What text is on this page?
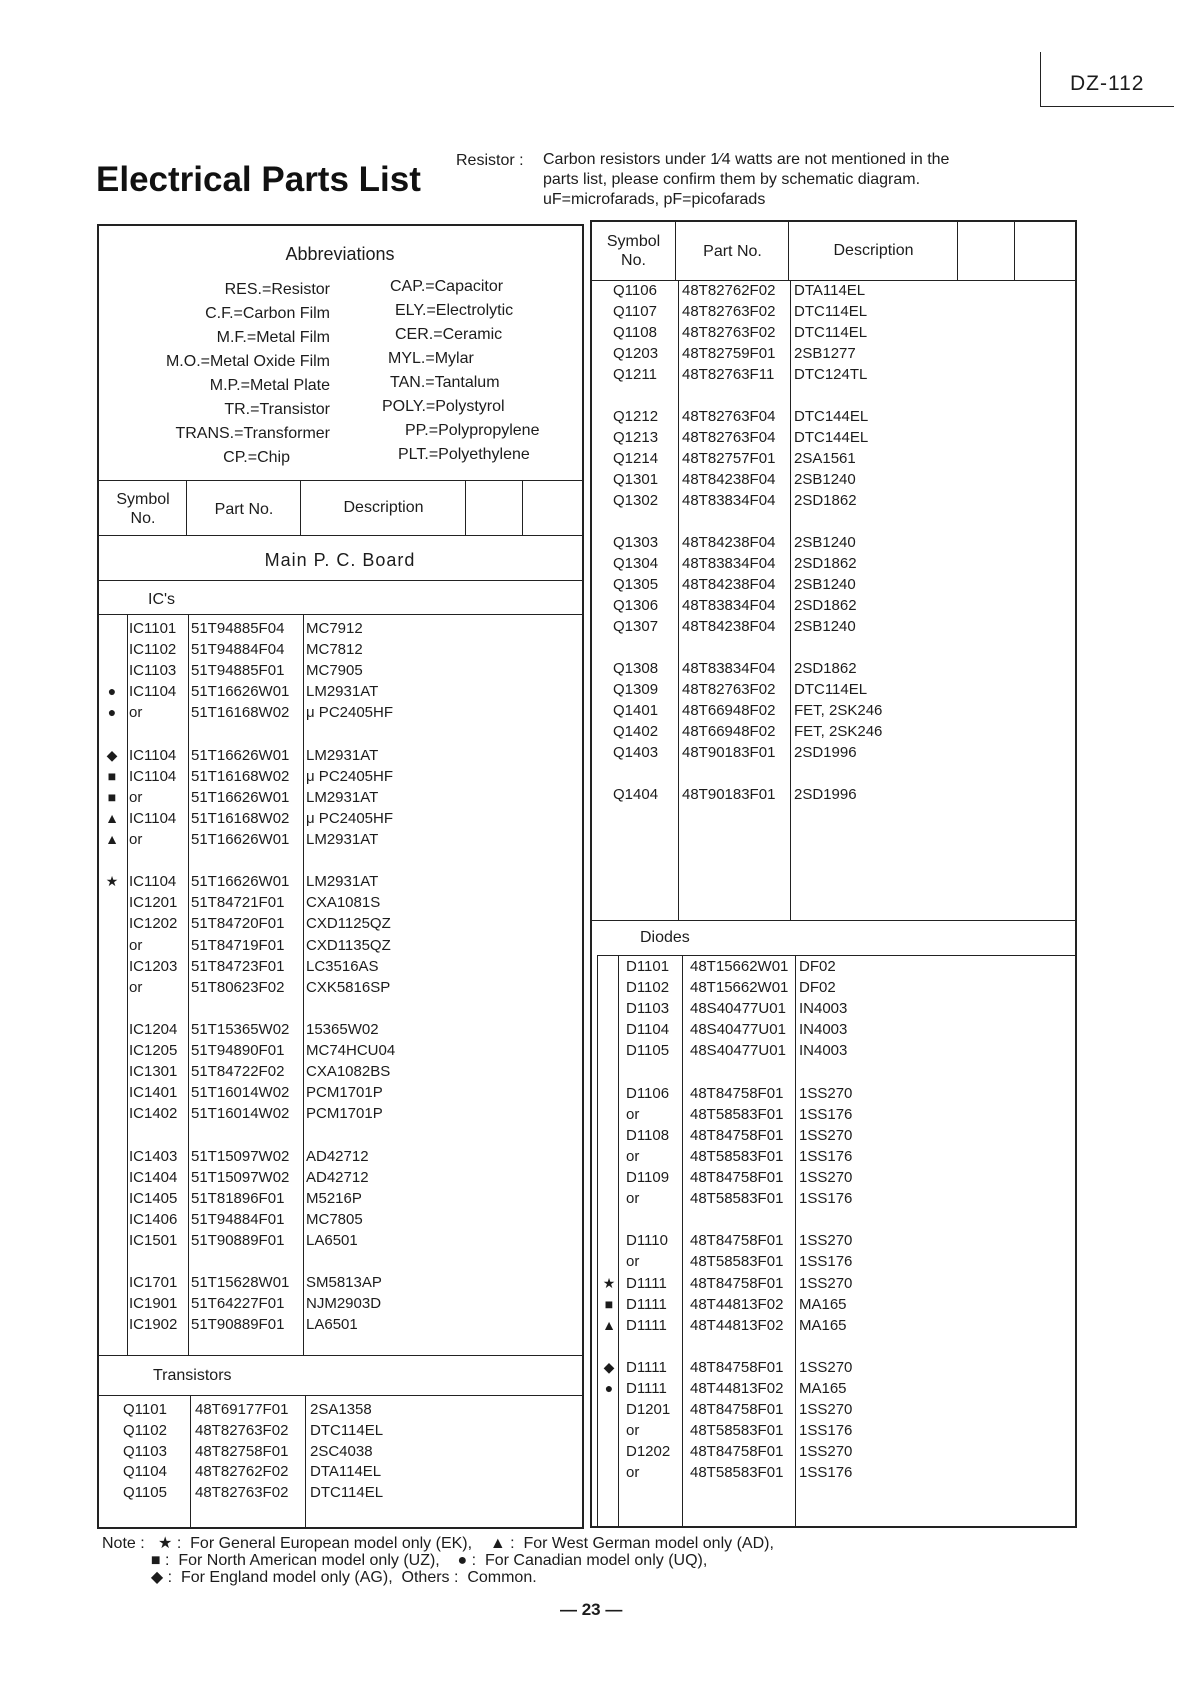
DZ-112
Electrical Parts List Resistor : Carbon resistors under 1⁄4 watts are not mentioned in the
parts list, please confirm them by schematic diagram.
uF=microfarads, pF=picofarads
Abbreviations
RES.=Resistor
C.F.=Carbon Film
M.F.=Metal Film
M.O.=Metal Oxide Film
M.P.=Metal Plate
TR.=Transistor
TRANS.=Transformer
CP.=Chip
CAP.=Capacitor
ELY.=Electrolytic
CER.=Ceramic
MYL.=Mylar
TAN.=Tantalum
POLY.=Polystyrol
PP.=Polypropylene
PLT.=Polyethylene
Symbol
No.
Part No.	Description
Main P. C. Board
IC's
Transistors
IC1101 51T94885F04 MC7912
IC1102 51T94884F04 MC7812
IC1103 51T94885F01 MC7905
● IC1104 51T16626W01 LM2931AT
● or	51T16168W02 μ PC2405HF
◆ IC1104 51T16626W01 LM2931AT
■ IC1104 51T16168W02 μ PC2405HF
■ or	51T16626W01 LM2931AT
▲ IC1104 51T16168W02 μ PC2405HF
▲ or	51T16626W01 LM2931AT
★ IC1104 51T16626W01 LM2931AT
IC1201 51T84721F01 CXA1081S
IC1202 51T84720F01 CXD1125QZ
or	51T84719F01 CXD1135QZ
IC1203 51T84723F01 LC3516AS
or	51T80623F02 CXK5816SP
IC1204 51T15365W02 15365W02
IC1205 51T94890F01 MC74HCU04
IC1301 51T84722F02 CXA1082BS
IC1401 51T16014W02 PCM1701P
IC1402 51T16014W02 PCM1701P
IC1403 51T15097W02 AD42712
IC1404 51T15097W02 AD42712
IC1405 51T81896F01 M5216P
IC1406 51T94884F01 MC7805
IC1501 51T90889F01 LA6501
IC1701 51T15628W01 SM5813AP
IC1901 51T64227F01 NJM2903D
IC1902 51T90889F01 LA6501
Q1101 48T69177F01 2SA1358
Q1102 48T82763F02 DTC114EL
Q1103 48T82758F01 2SC4038
Q1104 48T82762F02 DTA114EL
Q1105 48T82763F02 DTC114EL
Symbol
No.
Part No.	Description
Diodes
Q1106 48T82762F02 DTA114EL
Q1107 48T82763F02 DTC114EL
Q1108 48T82763F02 DTC114EL
Q1203 48T82759F01 2SB1277
Q1211 48T82763F11 DTC124TL
Q1212 48T82763F04 DTC144EL
Q1213 48T82763F04 DTC144EL
Q1214 48T82757F01 2SA1561
Q1301 48T84238F04 2SB1240
Q1302 48T83834F04 2SD1862
Q1303 48T84238F04 2SB1240
Q1304 48T83834F04 2SD1862
Q1305 48T84238F04 2SB1240
Q1306 48T83834F04 2SD1862
Q1307 48T84238F04 2SB1240
Q1308 48T83834F04 2SD1862
Q1309 48T82763F02 DTC114EL
Q1401 48T66948F02 FET, 2SK246
Q1402 48T66948F02 FET, 2SK246
Q1403 48T90183F01 2SD1996
Q1404 48T90183F01 2SD1996
D1101 48T15662W01 DF02
D1102 48T15662W01 DF02
D1103 48S40477U01 IN4003
D1104 48S40477U01 IN4003
D1105 48S40477U01 IN4003
D1106 48T84758F01 1SS270
or	48T58583F01 1SS176
D1108 48T84758F01 1SS270
or	48T58583F01 1SS176
D1109 48T84758F01 1SS270
or	48T58583F01 1SS176
D1110 48T84758F01 1SS270
or	48T58583F01 1SS176
★ D1111 48T84758F01 1SS270
■ D1111 48T44813F02 MA165
▲ D1111 48T44813F02 MA165
◆ D1111 48T84758F01 1SS270
● D1111 48T44813F02 MA165
D1201 48T84758F01 1SS270
or	48T58583F01 1SS176
D1202 48T84758F01 1SS270
or	48T58583F01 1SS176
Note :   ★ :  For General European model only (EK),    ▲ :  For West German model only (AD),
■ :  For North American model only (UZ),    ● :  For Canadian model only (UQ),
◆ :  For England model only (AG),  Others :  Common.
— 23 —
